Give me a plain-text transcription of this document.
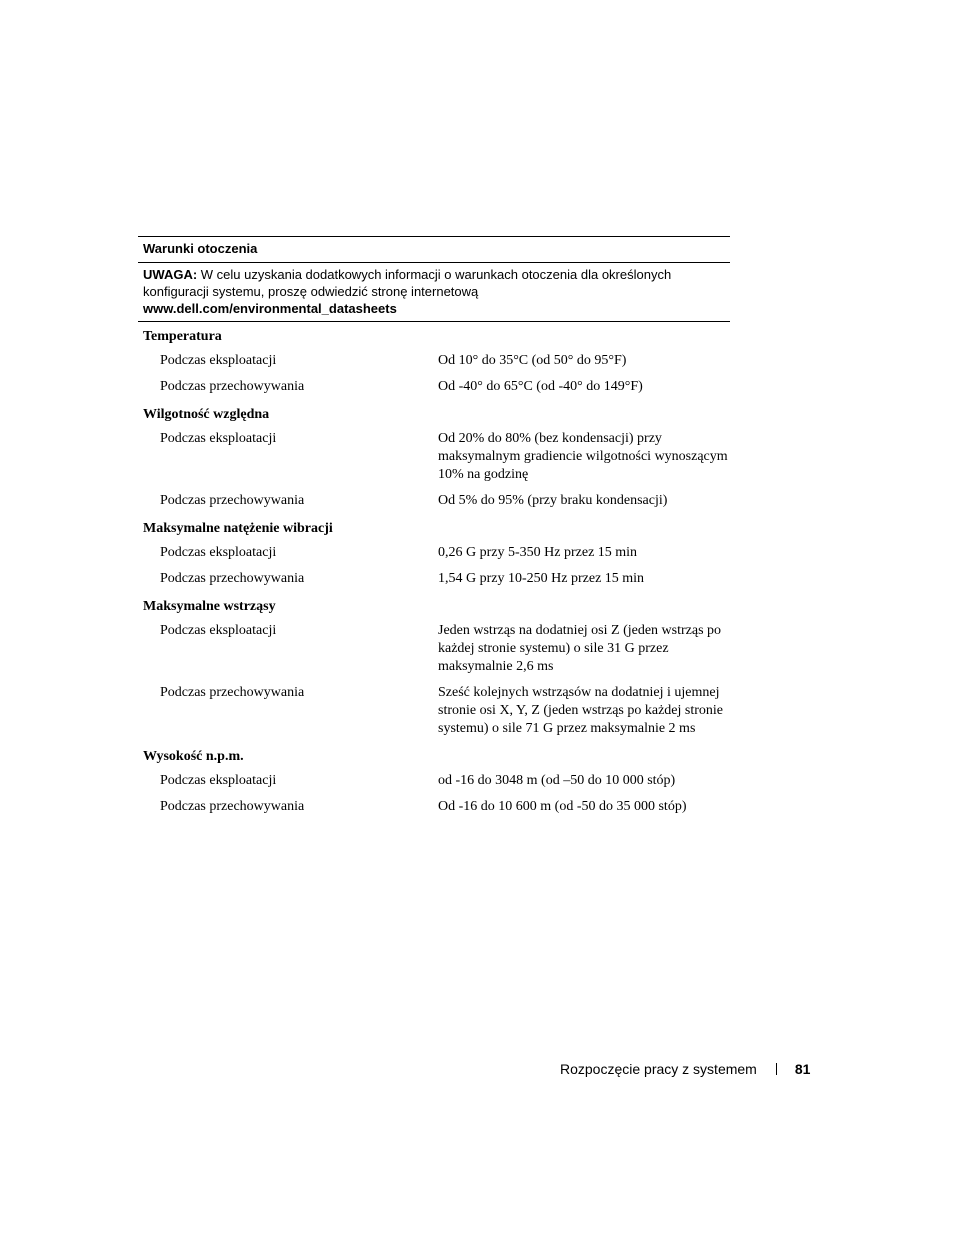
Warunki otoczenia
UWAGA: W celu uzyskania dodatkowych informacji o warunkach otoczenia dla określonych konfiguracji systemu, proszę odwiedzić stronę internetową
www.dell.com/environmental_datasheets
Temperatura
Podczas eksploatacji	Od 10° do 35°C (od 50° do 95°F)
Podczas przechowywania	Od -40° do 65°C (od -40° do 149°F)
Wilgotność względna
Podczas eksploatacji	Od 20% do 80% (bez kondensacji) przy maksymalnym gradiencie wilgotności wynoszącym 10% na godzinę
Podczas przechowywania	Od 5% do 95% (przy braku kondensacji)
Maksymalne natężenie wibracji
Podczas eksploatacji	0,26 G przy 5-350 Hz przez 15 min
Podczas przechowywania	1,54 G przy 10-250 Hz przez 15 min
Maksymalne wstrząsy
Podczas eksploatacji	Jeden wstrząs na dodatniej osi Z (jeden wstrząs po każdej stronie systemu) o sile 31 G przez maksymalnie 2,6 ms
Podczas przechowywania	Sześć kolejnych wstrząsów na dodatniej i ujemnej stronie osi X, Y, Z (jeden wstrząs po każdej stronie systemu) o sile 71 G przez maksymalnie 2 ms
Wysokość n.p.m.
Podczas eksploatacji	od -16 do 3048 m (od –50 do 10 000 stóp)
Podczas przechowywania	Od -16 do 10 600 m (od -50 do 35 000 stóp)
Rozpoczęcie pracy z systemem	81
